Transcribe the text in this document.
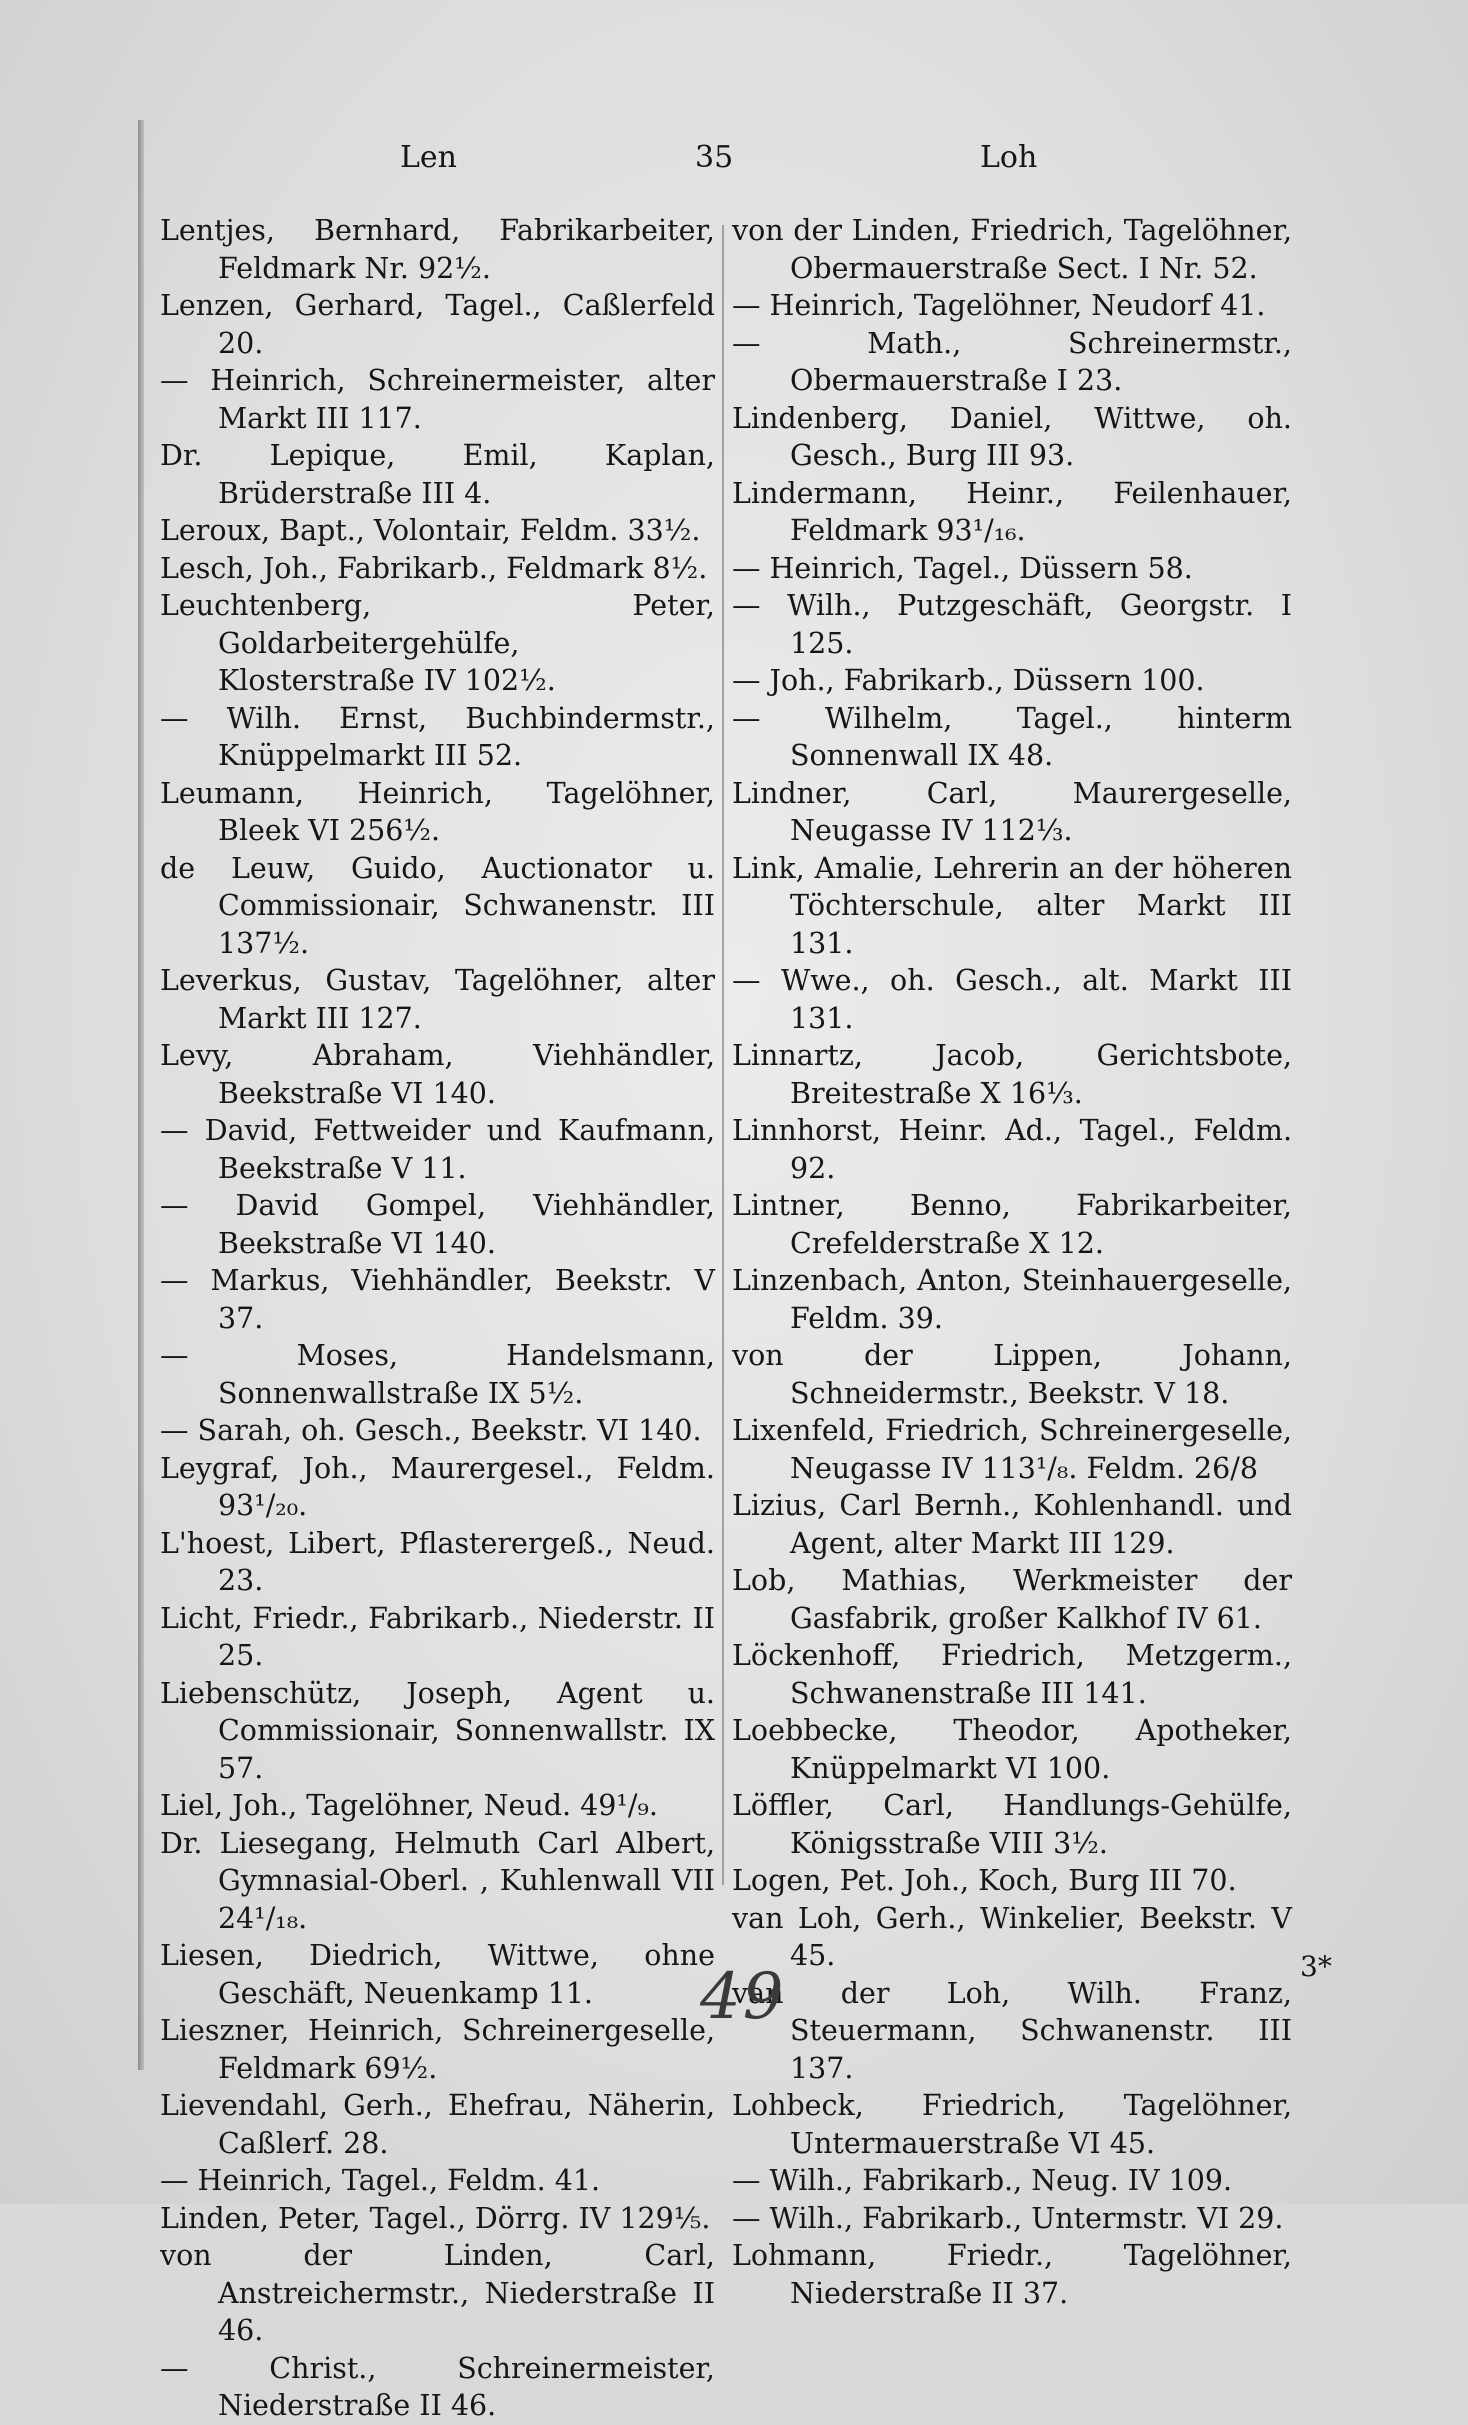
Len	35	Loh

Lentjes, Bernhard, Fabrikarbeiter, Feldmark Nr. 92½.

Lenzen, Gerhard, Tagel., Caßlerfeld 20.

— Heinrich, Schreinermeister, alter Markt III 117.

Dr. Lepique, Emil, Kaplan, Brüderstraße III 4.

Leroux, Bapt., Volontair, Feldm. 33½.

Lesch, Joh., Fabrikarb., Feldmark 8½.

Leuchtenberg, Peter, Goldarbeitergehülfe, Klosterstraße IV 102½.

— Wilh. Ernst, Buchbindermstr., Knüppelmarkt III 52.

Leumann, Heinrich, Tagelöhner, Bleek VI 256½.

de Leuw, Guido, Auctionator u. Commissionair, Schwanenstr. III 137½.

Leverkus, Gustav, Tagelöhner, alter Markt III 127.

Levy, Abraham, Viehhändler, Beekstraße VI 140.

— David, Fettweider und Kaufmann, Beekstraße V 11.

— David Gompel, Viehhändler, Beekstraße VI 140.

— Markus, Viehhändler, Beekstr. V 37.

— Moses, Handelsmann, Sonnenwallstraße IX 5½.

— Sarah, oh. Gesch., Beekstr. VI 140.

Leygraf, Joh., Maurergesel., Feldm. 93¹/₂₀.

L'hoest, Libert, Pflasterergeß., Neud. 23.

Licht, Friedr., Fabrikarb., Niederstr. II 25.

Liebenschütz, Joseph, Agent u. Commissionair, Sonnenwallstr. IX 57.

Liel, Joh., Tagelöhner, Neud. 49¹/₉.

Dr. Liesegang, Helmuth Carl Albert, Gymnasial-Oberl. , Kuhlenwall VII 24¹/₁₈.

Liesen, Diedrich, Wittwe, ohne Geschäft, Neuenkamp 11.

Lieszner, Heinrich, Schreinergeselle, Feldmark 69½.

Lievendahl, Gerh., Ehefrau, Näherin, Caßlerf. 28.

— Heinrich, Tagel., Feldm. 41.

Linden, Peter, Tagel., Dörrg. IV 129⅕.

von der Linden, Carl, Anstreichermstr., Niederstraße II 46.

— Christ., Schreinermeister, Niederstraße II 46.

von der Linden, Friedrich, Tagelöhner, Obermauerstraße Sect. I Nr. 52.

— Heinrich, Tagelöhner, Neudorf 41.

— Math., Schreinermstr., Obermauerstraße I 23.

Lindenberg, Daniel, Wittwe, oh. Gesch., Burg III 93.

Lindermann, Heinr., Feilenhauer, Feldmark 93¹/₁₆.

— Heinrich, Tagel., Düssern 58.

— Wilh., Putzgeschäft, Georgstr. I 125.

— Joh., Fabrikarb., Düssern 100.

— Wilhelm, Tagel., hinterm Sonnenwall IX 48.

Lindner, Carl, Maurergeselle, Neugasse IV 112⅓.

Link, Amalie, Lehrerin an der höheren Töchterschule, alter Markt III 131.

— Wwe., oh. Gesch., alt. Markt III 131.

Linnartz, Jacob, Gerichtsbote, Breitestraße X 16⅓.

Linnhorst, Heinr. Ad., Tagel., Feldm. 92.

Lintner, Benno, Fabrikarbeiter, Crefelderstraße X 12.

Linzenbach, Anton, Steinhauergeselle, Feldm. 39.

von der Lippen, Johann, Schneidermstr., Beekstr. V 18.

Lixenfeld, Friedrich, Schreinergeselle, Neugasse IV 113¹/₈. Feldm. 26/8

Lizius, Carl Bernh., Kohlenhandl. und Agent, alter Markt III 129.

Lob, Mathias, Werkmeister der Gasfabrik, großer Kalkhof IV 61.

Löckenhoff, Friedrich, Metzgerm., Schwanenstraße III 141.

Loebbecke, Theodor, Apotheker, Knüppelmarkt VI 100.

Löffler, Carl, Handlungs-Gehülfe, Königsstraße VIII 3½.

Logen, Pet. Joh., Koch, Burg III 70.

van Loh, Gerh., Winkelier, Beekstr. V 45.

van der Loh, Wilh. Franz, Steuermann, Schwanenstr. III 137.

Lohbeck, Friedrich, Tagelöhner, Untermauerstraße VI 45.

— Wilh., Fabrikarb., Neug. IV 109.

— Wilh., Fabrikarb., Untermstr. VI 29.

Lohmann, Friedr., Tagelöhner, Niederstraße II 37.

49	3*
